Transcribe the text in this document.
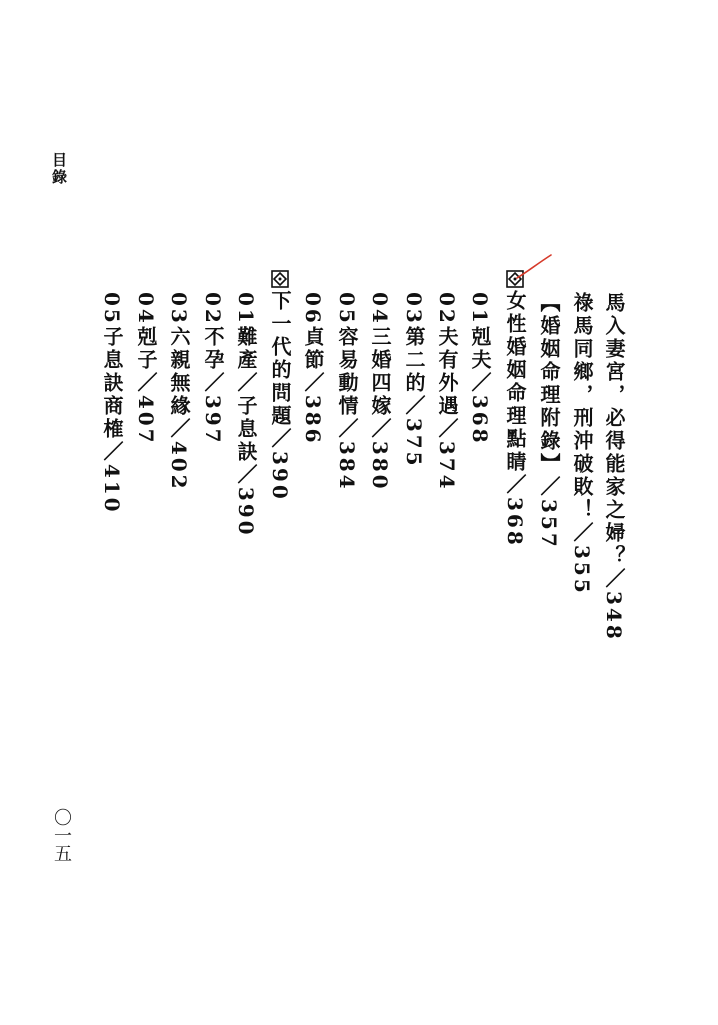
目錄
〇一五
馬入妻宮，必得能家之婦？／348
祿馬同鄉，刑沖破敗！／355
【婚姻命理附錄】／357
女性婚姻命理點睛／368
01剋夫／368
02夫有外遇／374
03第二的／375
04三婚四嫁／380
05容易動情／384
06貞節／386
下一代的問題／390
01難產／子息訣／390
02不孕／397
03六親無緣／402
04剋子／407
05子息訣商榷／410
